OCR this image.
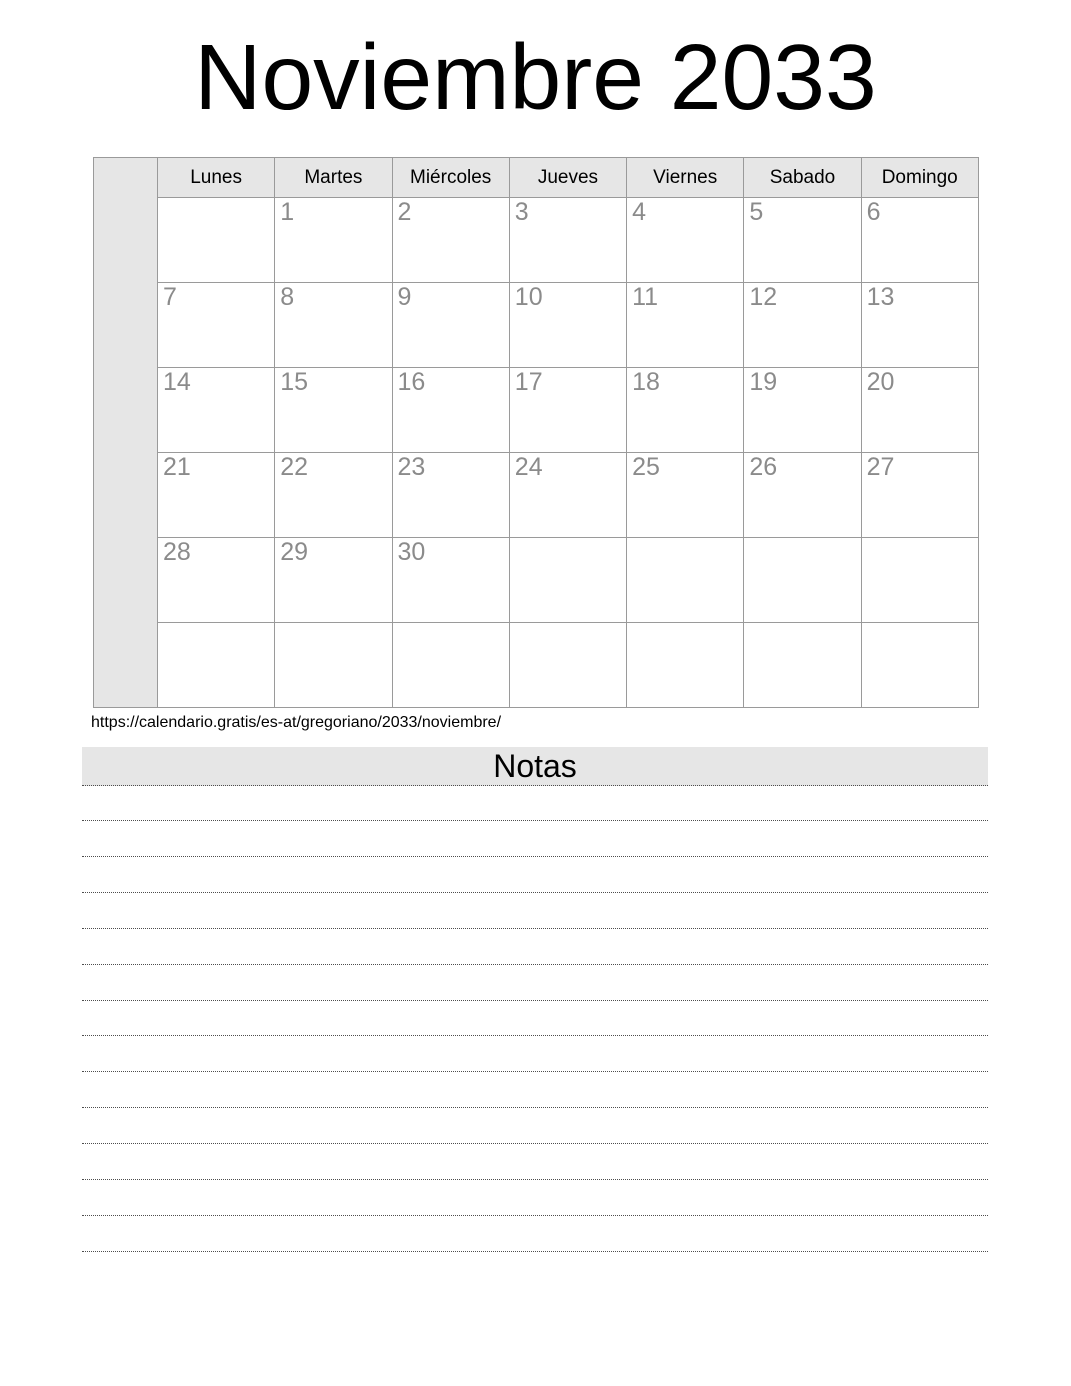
Noviembre 2033
	Lunes	Martes	Miércoles	Jueves	Viernes	Sabado	Domingo
		1	2	3	4	5	6
	7	8	9	10	11	12	13
	14	15	16	17	18	19	20
	21	22	23	24	25	26	27
	28	29	30				

https://calendario.gratis/es-at/gregoriano/2033/noviembre/
Notas
